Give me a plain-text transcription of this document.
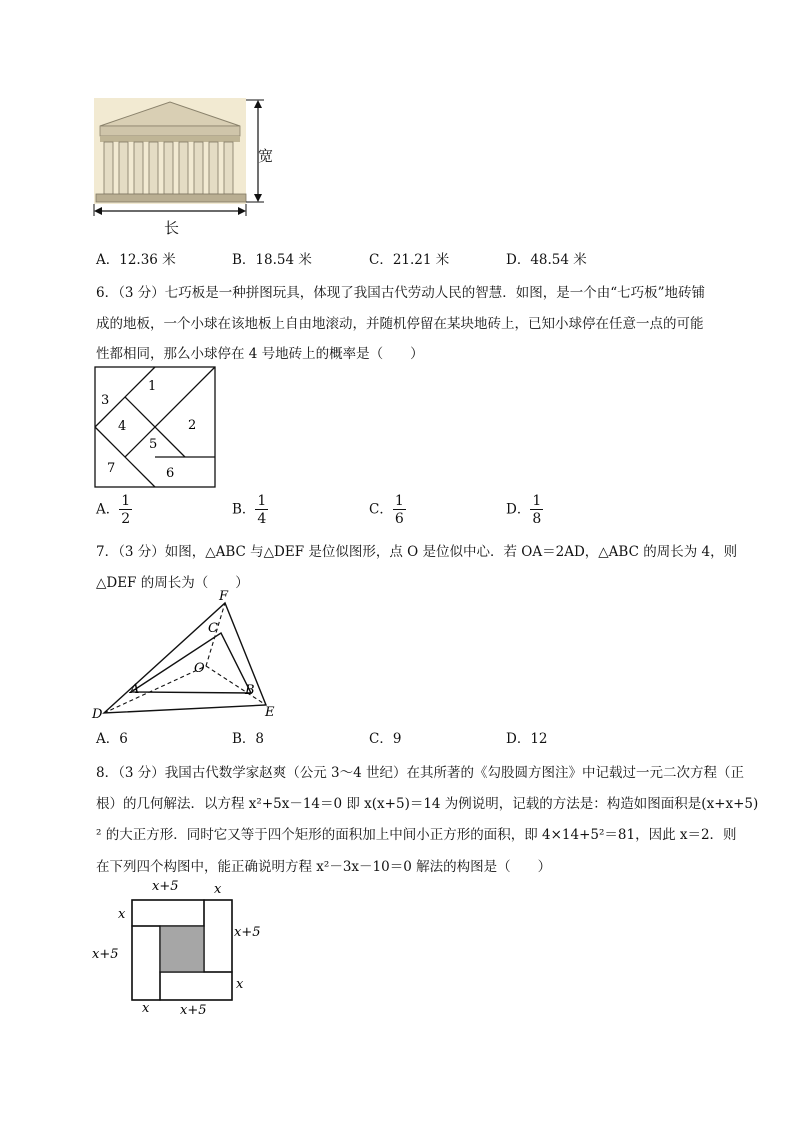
宽
长
A．12.36 米	B．18.54 米	C．21.21 米	D．48.54 米
6．（3 分）七巧板是一种拼图玩具，体现了我国古代劳动人民的智慧．如图，是一个由“七巧板”地砖铺
成的地板，一个小球在该地板上自由地滚动，并随机停留在某块地砖上，已知小球停在任意一点的可能
性都相同，那么小球停在 4 号地砖上的概率是（　　）
1
2
3
4
5
6
7
A． $\frac{1}{2}$	B． $\frac{1}{4}$	C． $\frac{1}{6}$	D． $\frac{1}{8}$
7．（3 分）如图，△ABC 与△DEF 是位似图形，点 O 是位似中心．若 OA＝2AD，△ABC 的周长为 4，则
△DEF 的周长为（　　）
F
C
O
A	B
D	E
A．6	B．8	C．9	D．12
8．（3 分）我国古代数学家赵爽（公元 3～4 世纪）在其所著的《勾股圆方图注》中记载过一元二次方程（正
根）的几何解法．以方程 x²+5x－14＝0 即 x(x+5)＝14 为例说明，记载的方法是：构造如图面积是(x+x+5)
² 的大正方形．同时它又等于四个矩形的面积加上中间小正方形的面积，即 4×14+5²＝81，因此 x＝2．则
在下列四个构图中，能正确说明方程 x²－3x－10＝0 解法的构图是（　　）
x+5	x
x
x+5
x+5
x
x x+5
